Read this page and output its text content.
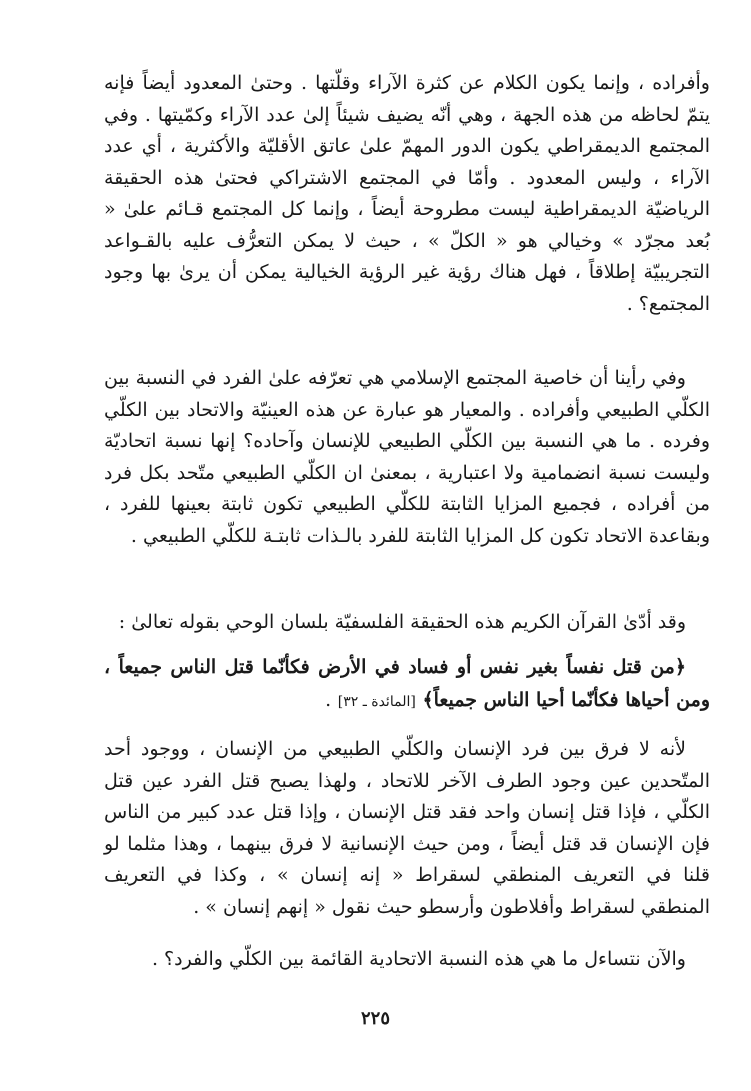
وأفراده ، وإنما يكون الكلام عن كثرة الآراء وقلّتها . وحتىٰ المعدود أيضاً فإنه يتمّ لحاظه من هذه الجهة ، وهي أنّه يضيف شيئاً إلىٰ عدد الآراء وكمّيتها . وفي المجتمع الديمقراطي يكون الدور المهمّ علىٰ عاتق الأقليّة والأكثرية ، أي عدد الآراء ، وليس المعدود . وأمّا في المجتمع الاشتراكي فحتىٰ هذه الحقيقة الرياضيّة الديمقراطية ليست مطروحة أيضاً ، وإنما كل المجتمع قـائم علىٰ « بُعد مجرّد » وخيالي هو « الكلّ » ، حيث لا يمكن التعرُّف عليه بالقـواعد التجريبيّة إطلاقاً ، فهل هناك رؤية غير الرؤية الخيالية يمكن أن يرىٰ بها وجود المجتمع؟ .

وفي رأينا أن خاصية المجتمع الإسلامي هي تعرّفه علىٰ الفرد في النسبة بين الكلّي الطبيعي وأفراده . والمعيار هو عبارة عن هذه العينيّة والاتحاد بين الكلّي وفرده . ما هي النسبة بين الكلّي الطبيعي للإنسان وآحاده؟ إنها نسبة اتحاديّة وليست نسبة انضمامية ولا اعتبارية ، بمعنىٰ ان الكلّي الطبيعي متّحد بكل فرد من أفراده ، فجميع المزايا الثابتة للكلّي الطبيعي تكون ثابتة بعينها للفرد ، وبقاعدة الاتحاد تكون كل المزايا الثابتة للفرد بالـذات ثابتـة للكلّي الطبيعي .

وقد أدّىٰ القرآن الكريم هذه الحقيقة الفلسفيّة بلسان الوحي بقوله تعالىٰ :

﴿من قتل نفساً بغير نفس أو فساد في الأرض فكأنّما قتل الناس جميعاً ، ومن أحياها فكأنّما أحيا الناس جميعاً﴾ [المائدة ـ ٣٢] .

لأنه لا فرق بين فرد الإنسان والكلّي الطبيعي من الإنسان ، ووجود أحد المتّحدين عين وجود الطرف الآخر للاتحاد ، ولهذا يصبح قتل الفرد عين قتل الكلّي ، فإذا قتل إنسان واحد فقد قتل الإنسان ، وإذا قتل عدد كبير من الناس فإن الإنسان قد قتل أيضاً ، ومن حيث الإنسانية لا فرق بينهما ، وهذا مثلما لو قلنا في التعريف المنطقي لسقراط « إنه إنسان » ، وكذا في التعريف المنطقي لسقراط وأفلاطون وأرسطو حيث نقول « إنهم إنسان » .

والآن نتساءل ما هي هذه النسبة الاتحادية القائمة بين الكلّي والفرد؟ .

٢٢٥
